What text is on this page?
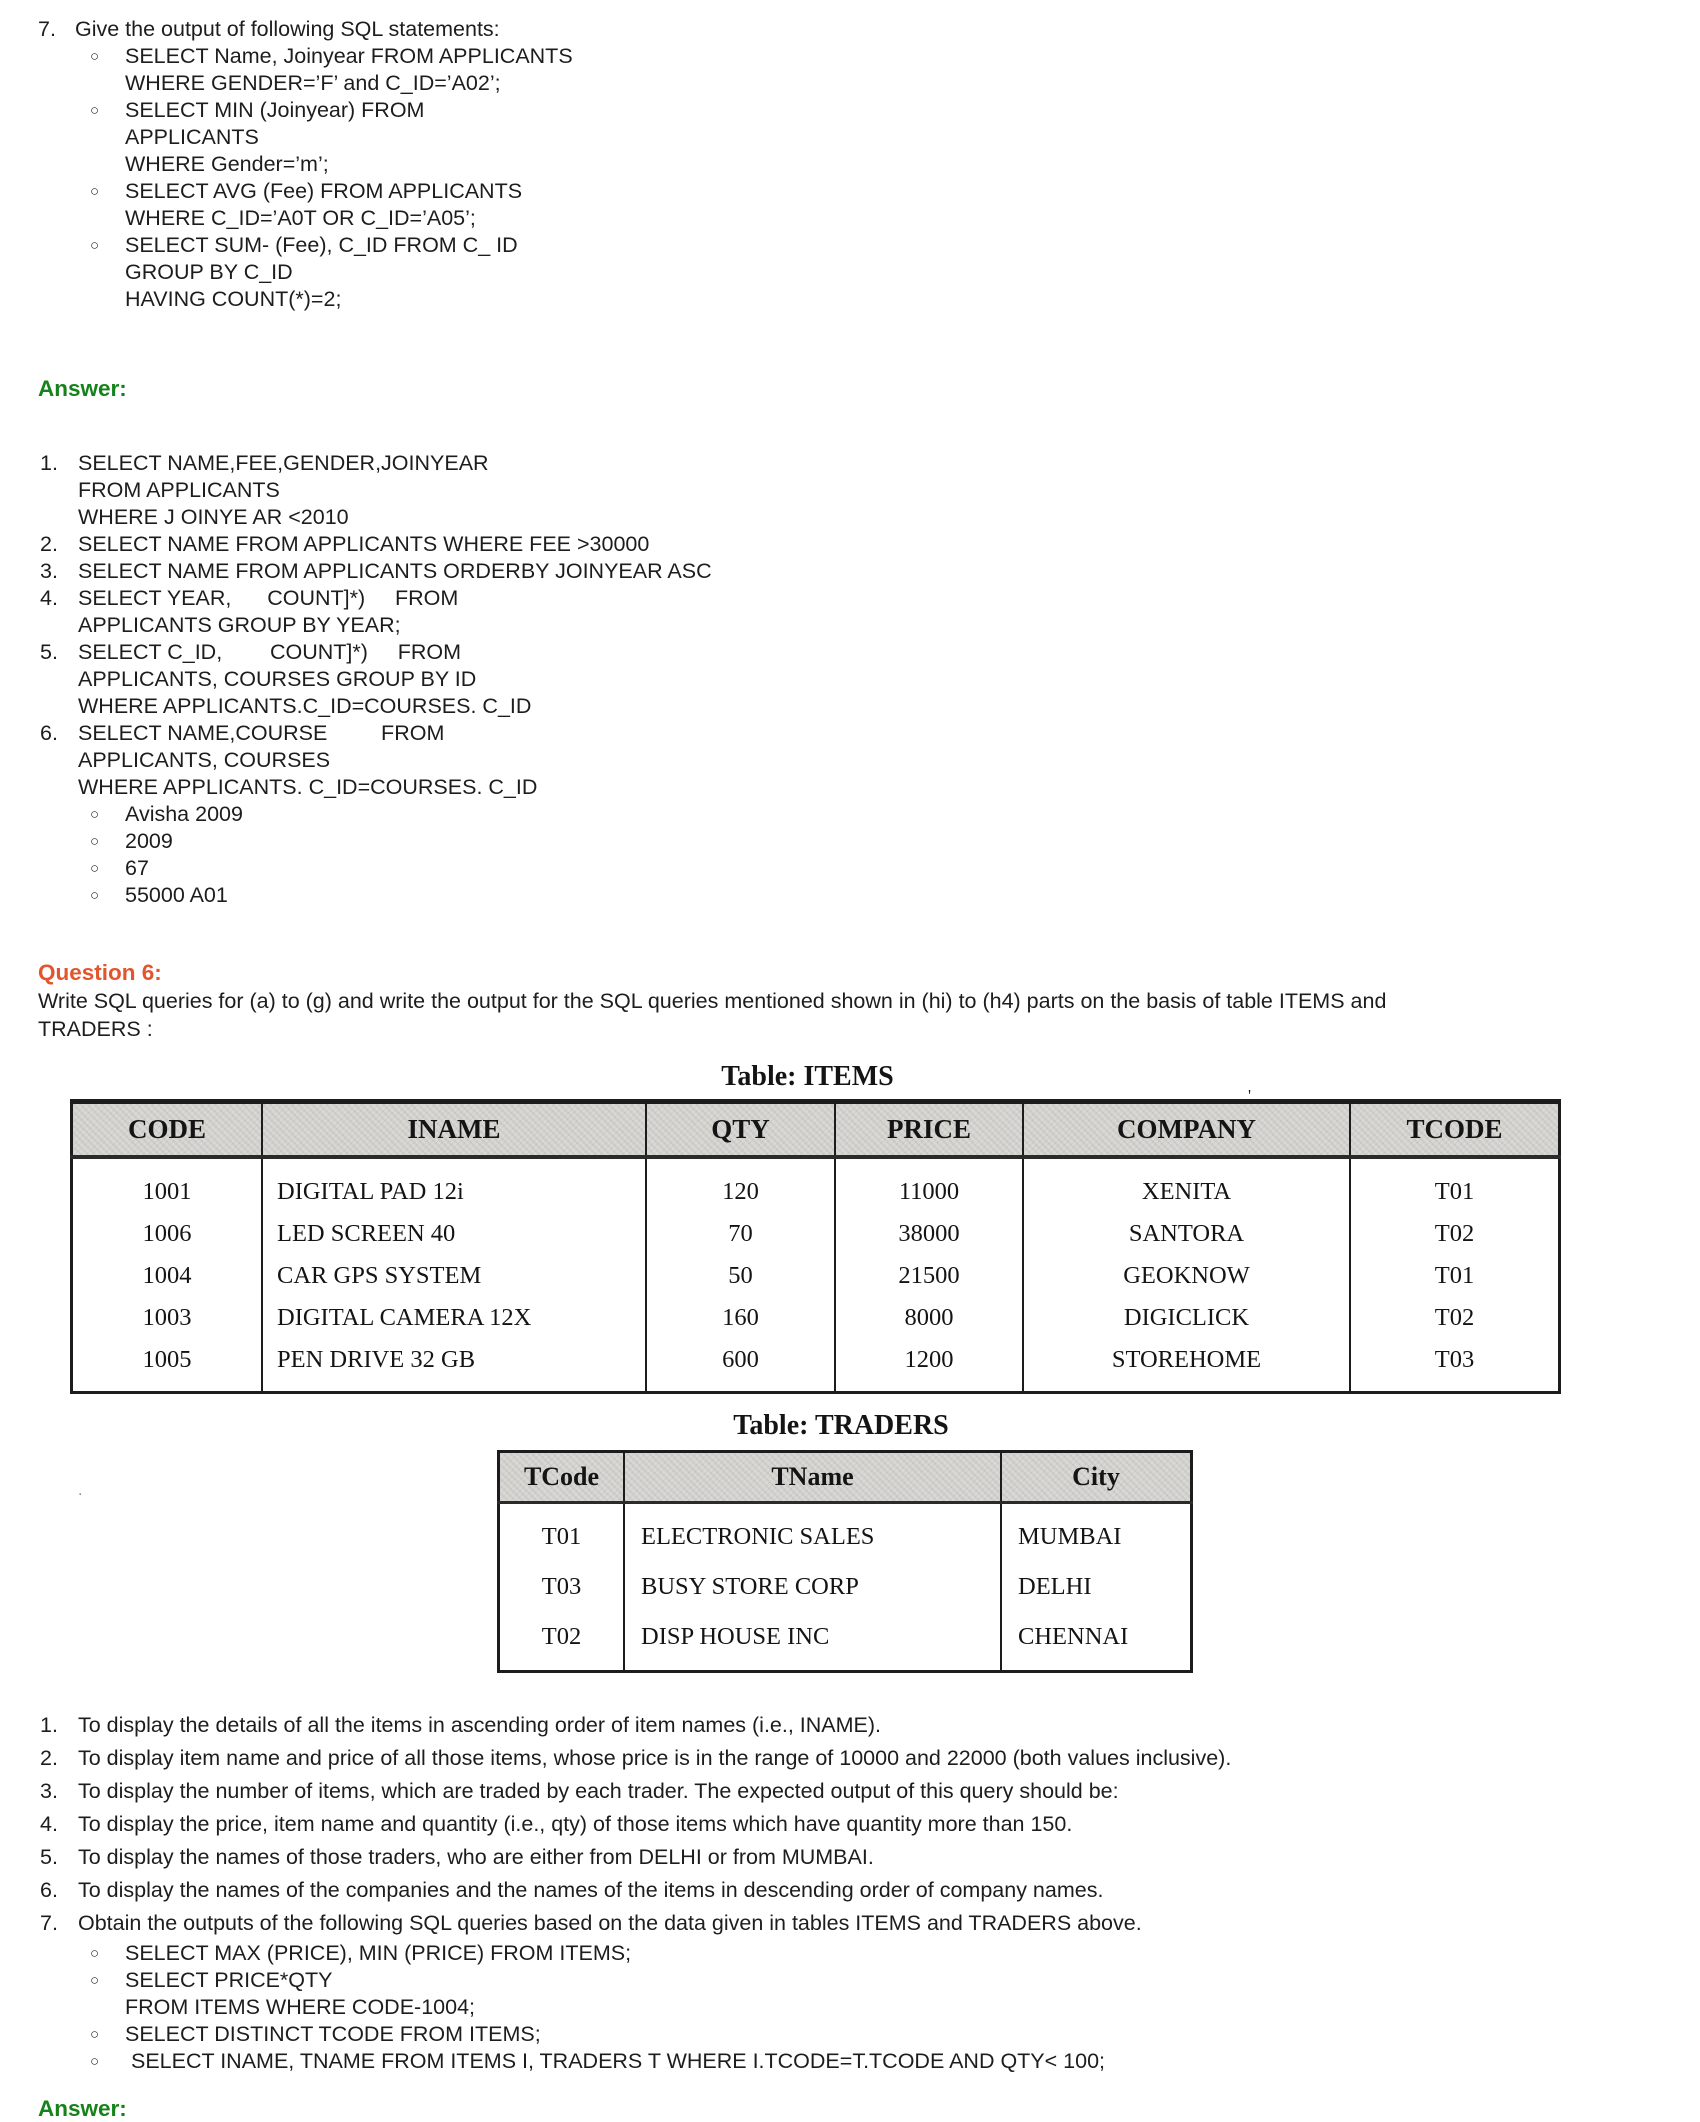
7. Give the output of following SQL statements:
○	SELECT Name, Joinyear FROM APPLICANTS
WHERE GENDER=’F’ and C_ID=’A02’;
○	SELECT MIN (Joinyear) FROM
APPLICANTS
WHERE Gender=’m’;
○	SELECT AVG (Fee) FROM APPLICANTS
WHERE C_ID=’A0T OR C_ID=’A05’;
○	SELECT SUM- (Fee), C_ID FROM C_ ID
GROUP BY C_ID
HAVING COUNT(*)=2;
Answer:
1. SELECT NAME,FEE,GENDER,JOINYEAR
FROM APPLICANTS
WHERE J OINYE AR <2010
2. SELECT NAME FROM APPLICANTS WHERE FEE >30000
3. SELECT NAME FROM APPLICANTS ORDERBY JOINYEAR ASC
4. SELECT YEAR,      COUNT]*)     FROM
APPLICANTS GROUP BY YEAR;
5. SELECT C_ID,        COUNT]*)     FROM
APPLICANTS, COURSES GROUP BY ID
WHERE APPLICANTS.C_ID=COURSES. C_ID
6. SELECT NAME,COURSE         FROM
APPLICANTS, COURSES
WHERE APPLICANTS. C_ID=COURSES. C_ID
○	Avisha 2009
○	2009
○	67
○	55000 A01
Question 6:
Write SQL queries for (a) to (g) and write the output for the SQL queries mentioned shown in (hi) to (h4) parts on the basis of table ITEMS and
TRADERS :
Table: ITEMS
CODE	INAME	QTY	PRICE	COMPANY	TCODE
1001	DIGITAL PAD 12i	120	11000	XENITA	T01
1006	LED SCREEN 40	70	38000	SANTORA	T02
1004	CAR GPS SYSTEM	50	21500	GEOKNOW	T01
1003	DIGITAL CAMERA 12X	160	8000	DIGICLICK	T02
1005	PEN DRIVE 32 GB	600	1200	STOREHOME	T03
Table: TRADERS
TCode	TName	City
T01	ELECTRONIC SALES	MUMBAI
T03	BUSY STORE CORP	DELHI
T02	DISP HOUSE INC	CHENNAI
1. To display the details of all the items in ascending order of item names (i.e., INAME).
2. To display item name and price of all those items, whose price is in the range of 10000 and 22000 (both values inclusive).
3. To display the number of items, which are traded by each trader. The expected output of this query should be:
4. To display the price, item name and quantity (i.e., qty) of those items which have quantity more than 150.
5. To display the names of those traders, who are either from DELHI or from MUMBAI.
6. To display the names of the companies and the names of the items in descending order of company names.
7. Obtain the outputs of the following SQL queries based on the data given in tables ITEMS and TRADERS above.
○	SELECT MAX (PRICE), MIN (PRICE) FROM ITEMS;
○	SELECT PRICE*QTY
FROM ITEMS WHERE CODE-1004;
○	SELECT DISTINCT TCODE FROM ITEMS;
○	SELECT INAME, TNAME FROM ITEMS I, TRADERS T WHERE I.TCODE=T.TCODE AND QTY< 100;
Answer:
'.
.
